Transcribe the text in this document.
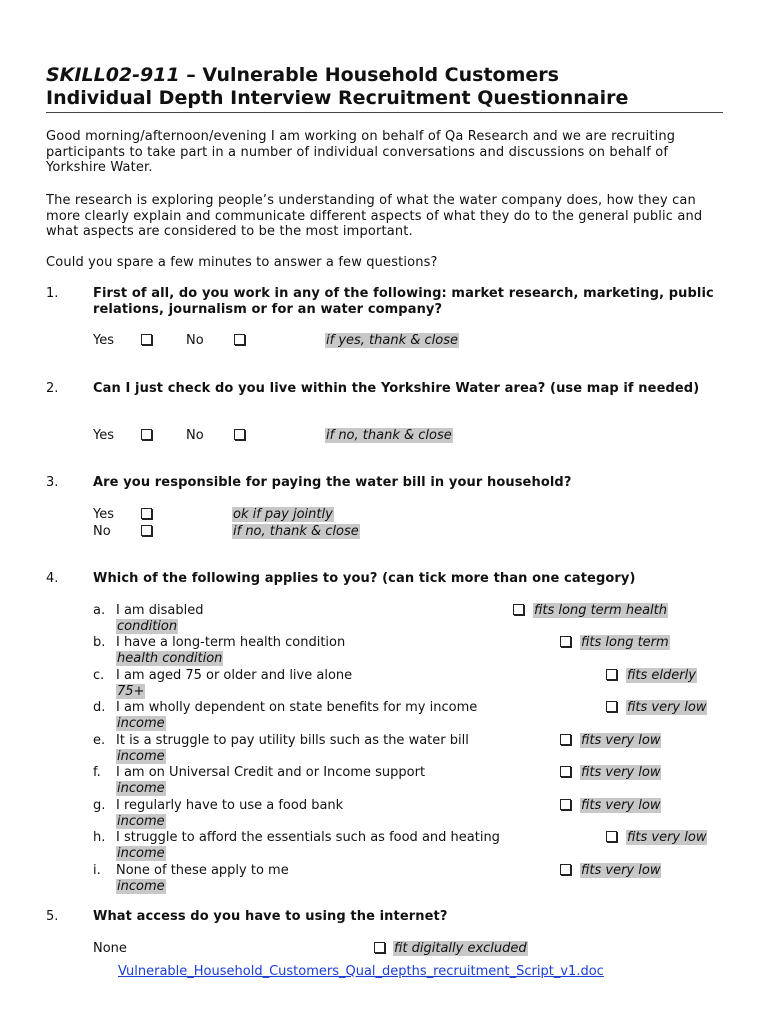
SKILL02-911 – Vulnerable Household Customers
Individual Depth Interview Recruitment Questionnaire
Good morning/afternoon/evening I am working on behalf of Qa Research and we are recruiting participants to take part in a number of individual conversations and discussions on behalf of Yorkshire Water.
The research is exploring people’s understanding of what the water company does, how they can more clearly explain and communicate different aspects of what they do to the general public and what aspects are considered to be the most important.
Could you spare a few minutes to answer a few questions?
1.	First of all, do you work in any of the following: market research, marketing, public relations, journalism or for an water company?
Yes	No	if yes, thank & close
2.	Can I just check do you live within the Yorkshire Water area? (use map if needed)
Yes	No	if no, thank & close
3.	Are you responsible for paying the water bill in your household?
Yes	ok if pay jointly
No	if no, thank & close
4.	Which of the following applies to you? (can tick more than one category)
a. I am disabled	fits long term health
condition
b. I have a long-term health condition	fits long term
health condition
c. I am aged 75 or older and live alone	fits elderly
75+
d. I am wholly dependent on state benefits for my income	fits very low
income
e. It is a struggle to pay utility bills such as the water bill	fits very low
income
f. I am on Universal Credit and or Income support	fits very low
income
g. I regularly have to use a food bank	fits very low
income
h. I struggle to afford the essentials such as food and heating	fits very low
income
i. None of these apply to me	fits very low
income
5.	What access do you have to using the internet?
None	fit digitally excluded
Vulnerable_Household_Customers_Qual_depths_recruitment_Script_v1.doc
